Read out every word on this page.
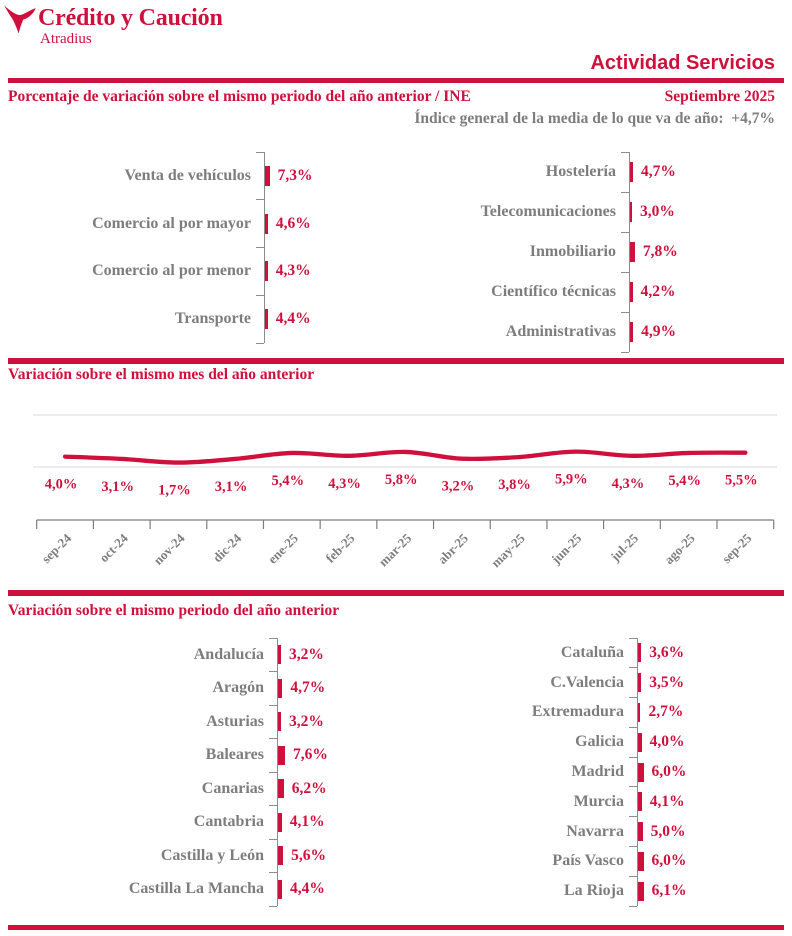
Crédito y Caución
Atradius
Actividad Servicios
Porcentaje de variación sobre el mismo periodo del año anterior / INE	Septiembre 2025
Índice general de la media de lo que va de año:  +4,7%
Venta de vehículos 7,3%
Comercio al por mayor 4,6%
Comercio al por menor 4,3%
Transporte 4,4%
Hostelería 4,7%
Telecomunicaciones 3,0%
Inmobiliario 7,8%
Científico técnicas 4,2%
Administrativas 4,9%
Variación sobre el mismo mes del año anterior
4,0% 3,1% 1,7% 3,1% 5,4% 4,3% 5,8% 3,2% 3,8% 5,9% 4,3% 5,4% 5,5%
sep-24 oct-24 nov-24 dic-24 ene-25 feb-25 mar-25 abr-25 may-25 jun-25 jul-25 ago-25 sep-25
Variación sobre el mismo periodo del año anterior
Andalucía 3,2%
Aragón 4,7%
Asturias 3,2%
Baleares 7,6%
Canarias 6,2%
Cantabria 4,1%
Castilla y León 5,6%
Castilla La Mancha 4,4%
Cataluña 3,6%
C.Valencia 3,5%
Extremadura 2,7%
Galicia 4,0%
Madrid 6,0%
Murcia 4,1%
Navarra 5,0%
País Vasco 6,0%
La Rioja 6,1%
